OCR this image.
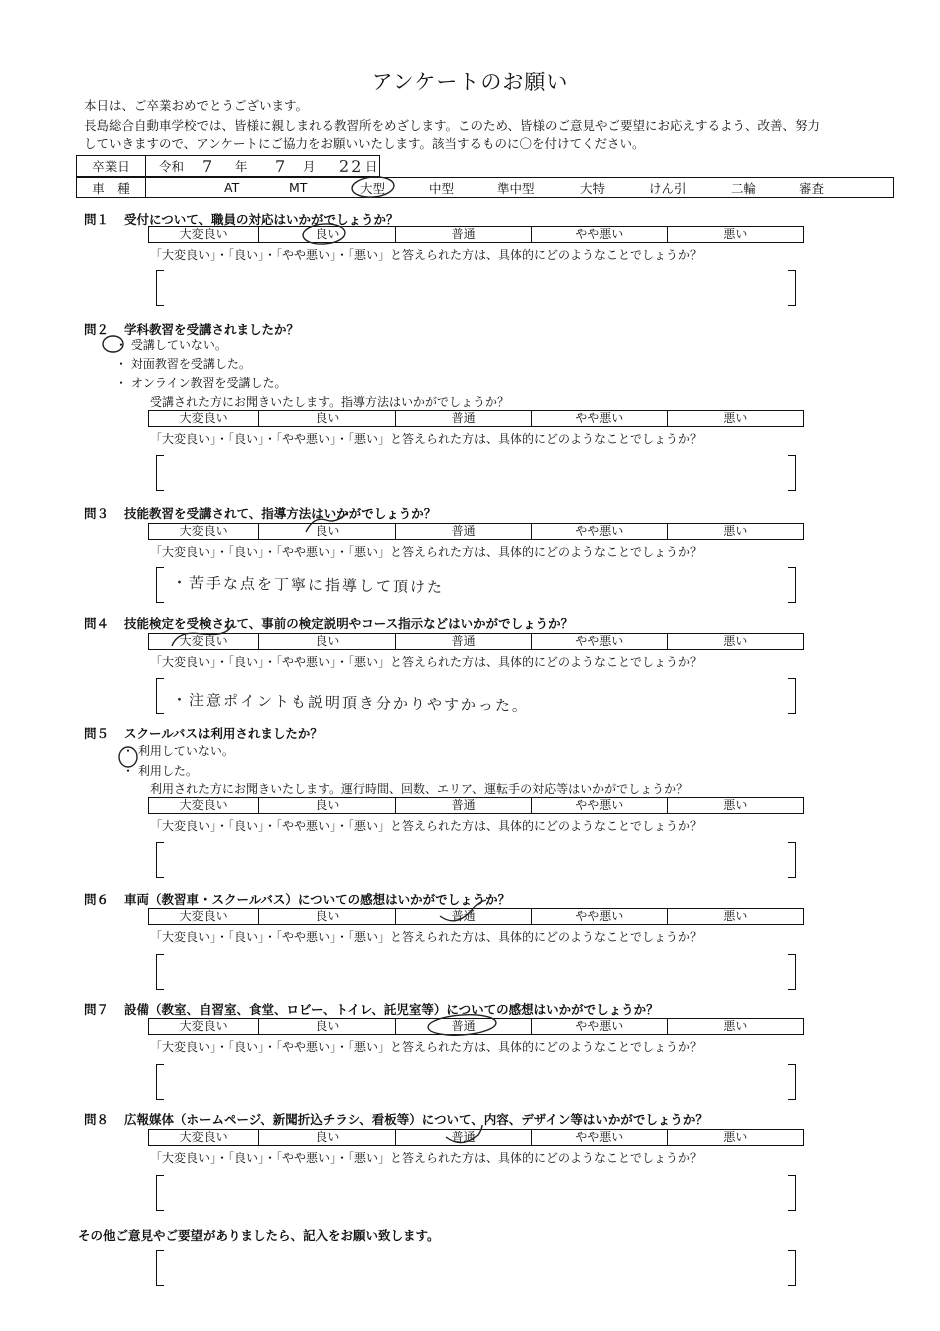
アンケートのお願い
本日は、ご卒業おめでとうございます。
長島総合自動車学校では、皆様に親しまれる教習所をめざします。このため、皆様のご意見やご要望にお応えするよう、改善、努力
していきますので、アンケートにご協力をお願いいたします。該当するものに〇を付けてください。
卒業日	令和 7 年 7 月 22 日
車　種	AT	MT	大型	中型	準中型	大特	けん引	二輪	審査
問１ 受付について、職員の対応はいかがでしょうか？
大変良い	良い	普通	やや悪い	悪い
「大変良い」・「良い」・「やや悪い」・「悪い」と答えられた方は、具体的にどのようなことでしょうか？
問２ 学科教習を受講されましたか？
・ 受講していない。
・ 対面教習を受講した。
・ オンライン教習を受講した。
受講された方にお聞きいたします。指導方法はいかがでしょうか？
大変良い	良い	普通	やや悪い	悪い
「大変良い」・「良い」・「やや悪い」・「悪い」と答えられた方は、具体的にどのようなことでしょうか？
問３ 技能教習を受講されて、指導方法はいかがでしょうか？
大変良い	良い	普通	やや悪い	悪い
「大変良い」・「良い」・「やや悪い」・「悪い」と答えられた方は、具体的にどのようなことでしょうか？
・苦手な点を丁寧に指導して頂けた
問４ 技能検定を受検されて、事前の検定説明やコース指示などはいかがでしょうか？
大変良い	良い	普通	やや悪い	悪い
「大変良い」・「良い」・「やや悪い」・「悪い」と答えられた方は、具体的にどのようなことでしょうか？
・注意ポイントも説明頂き分かりやすかった。
問５ スクールバスは利用されましたか？
・ 利用していない。
・ 利用した。
利用された方にお聞きいたします。運行時間、回数、エリア、運転手の対応等はいかがでしょうか？
大変良い	良い	普通	やや悪い	悪い
「大変良い」・「良い」・「やや悪い」・「悪い」と答えられた方は、具体的にどのようなことでしょうか？
問６ 車両（教習車・スクールバス）についての感想はいかがでしょうか？
大変良い	良い	普通	やや悪い	悪い
「大変良い」・「良い」・「やや悪い」・「悪い」と答えられた方は、具体的にどのようなことでしょうか？
問７ 設備（教室、自習室、食堂、ロビー、トイレ、託児室等）についての感想はいかがでしょうか？
大変良い	良い	普通	やや悪い	悪い
「大変良い」・「良い」・「やや悪い」・「悪い」と答えられた方は、具体的にどのようなことでしょうか？
問８ 広報媒体（ホームページ、新聞折込チラシ、看板等）について、内容、デザイン等はいかがでしょうか？
大変良い	良い	普通	やや悪い	悪い
「大変良い」・「良い」・「やや悪い」・「悪い」と答えられた方は、具体的にどのようなことでしょうか？
その他ご意見やご要望がありましたら、記入をお願い致します。
